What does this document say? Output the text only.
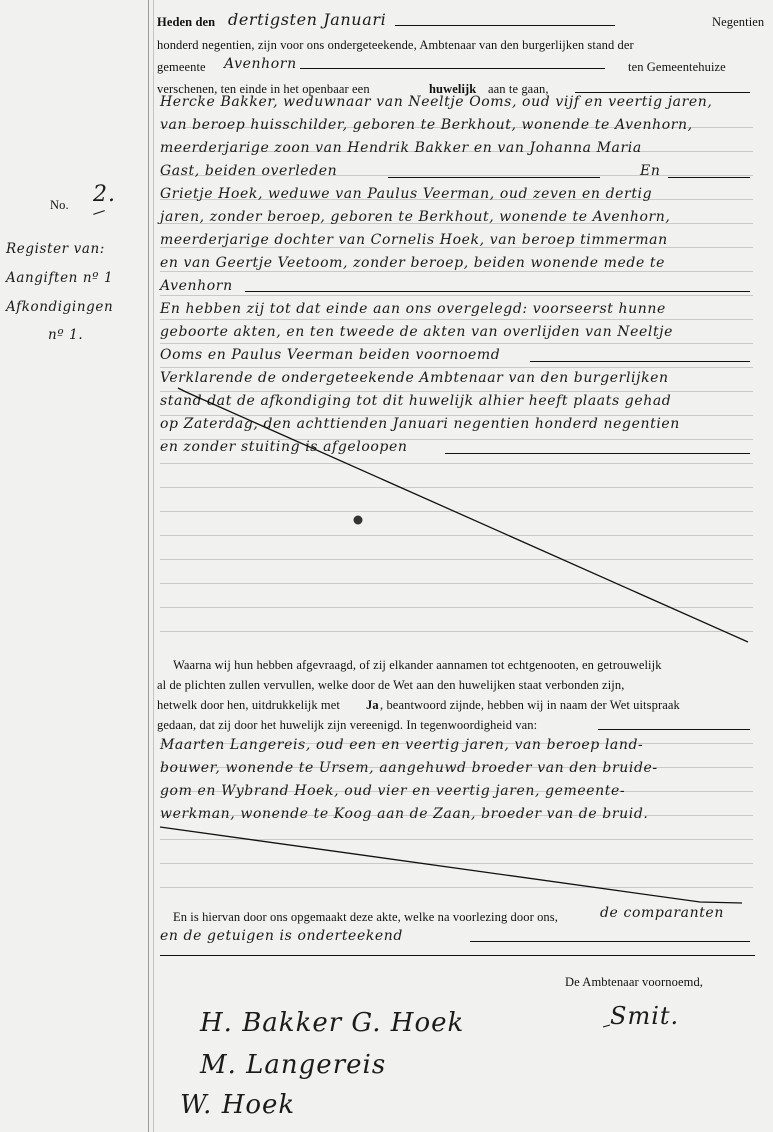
Heden den dertigsten Januari	Negentien
honderd negentien, zijn voor ons ondergeteekende, Ambtenaar van den burgerlijken stand der
gemeente Avenhorn	ten Gemeentehuize
verschenen, ten einde in het openbaar een	huwelijk aan te gaan,
No. 2.
Register van:
Aangiften nº 1
Afkondigingen
nº 1.
Hercke Bakker, weduwnaar van Neeltje Ooms, oud vijf en veertig jaren,
van beroep huisschilder, geboren te Berkhout, wonende te Avenhorn,
meerderjarige zoon van Hendrik Bakker en van Johanna Maria
Gast, beiden overleden	En
Grietje Hoek, weduwe van Paulus Veerman, oud zeven en dertig
jaren, zonder beroep, geboren te Berkhout, wonende te Avenhorn,
meerderjarige dochter van Cornelis Hoek, van beroep timmerman
en van Geertje Veetoom, zonder beroep, beiden wonende mede te
Avenhorn
En hebben zij tot dat einde aan ons overgelegd: voorseerst hunne
geboorte akten, en ten tweede de akten van overlijden van Neeltje
Ooms en Paulus Veerman beiden voornoemd
Verklarende de ondergeteekende Ambtenaar van den burgerlijken
stand dat de afkondiging tot dit huwelijk alhier heeft plaats gehad
op Zaterdag, den achttienden Januari negentien honderd negentien
en zonder stuiting is afgeloopen
Waarna wij hun hebben afgevraagd, of zij elkander aannamen tot echtgenooten, en getrouwelijk
al de plichten zullen vervullen, welke door de Wet aan den huwelijken staat verbonden zijn,
hetwelk door hen, uitdrukkelijk met Ja , beantwoord zijnde, hebben wij in naam der Wet uitspraak
gedaan, dat zij door het huwelijk zijn vereenigd. In tegenwoordigheid van:
Maarten Langereis, oud een en veertig jaren, van beroep land-
bouwer, wonende te Ursem, aangehuwd broeder van den bruide-
gom en Wybrand Hoek, oud vier en veertig jaren, gemeente-
werkman, wonende te Koog aan de Zaan, broeder van de bruid.
En is hiervan door ons opgemaakt deze akte, welke na voorlezing door ons,	de comparanten
en de getuigen is onderteekend
De Ambtenaar voornoemd,
Smit.
H. Bakker G. Hoek
M. Langereis
W. Hoek
